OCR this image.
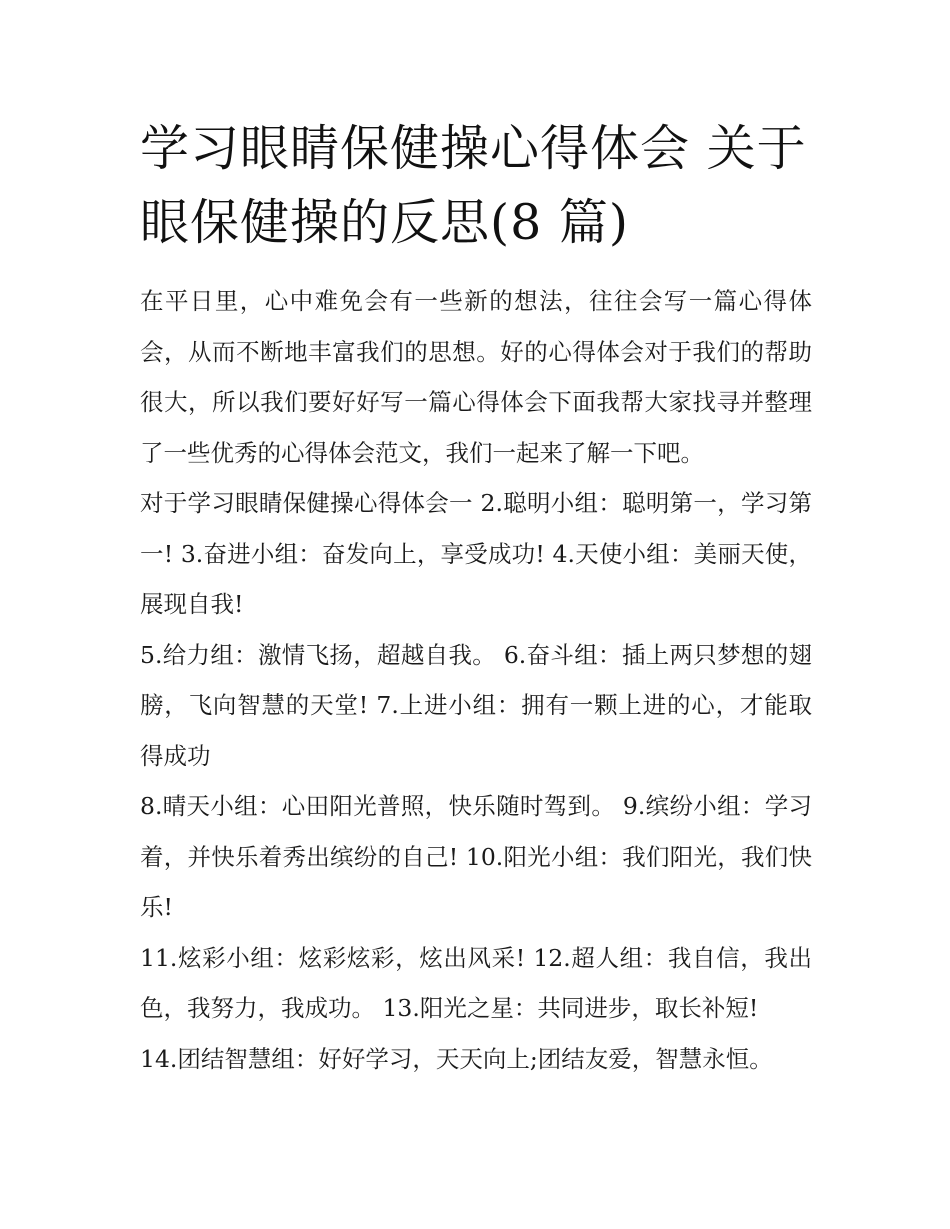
学习眼睛保健操心得体会 关于眼保健操的反思(8 篇)

在平日里，心中难免会有一些新的想法，往往会写一篇心得体会，从而不断地丰富我们的思想。好的心得体会对于我们的帮助很大，所以我们要好好写一篇心得体会下面我帮大家找寻并整理了一些优秀的心得体会范文，我们一起来了解一下吧。

对于学习眼睛保健操心得体会一 2.聪明小组：聪明第一，学习第一! 3.奋进小组：奋发向上，享受成功! 4.天使小组：美丽天使，展现自我!

5.给力组：激情飞扬，超越自我。 6.奋斗组：插上两只梦想的翅膀，飞向智慧的天堂! 7.上进小组：拥有一颗上进的心，才能取得成功

8.晴天小组：心田阳光普照，快乐随时驾到。 9.缤纷小组：学习着，并快乐着秀出缤纷的自己! 10.阳光小组：我们阳光，我们快乐!

11.炫彩小组：炫彩炫彩，炫出风采! 12.超人组：我自信，我出色，我努力，我成功。 13.阳光之星：共同进步，取长补短!

14.团结智慧组：好好学习，天天向上;团结友爱，智慧永恒。
